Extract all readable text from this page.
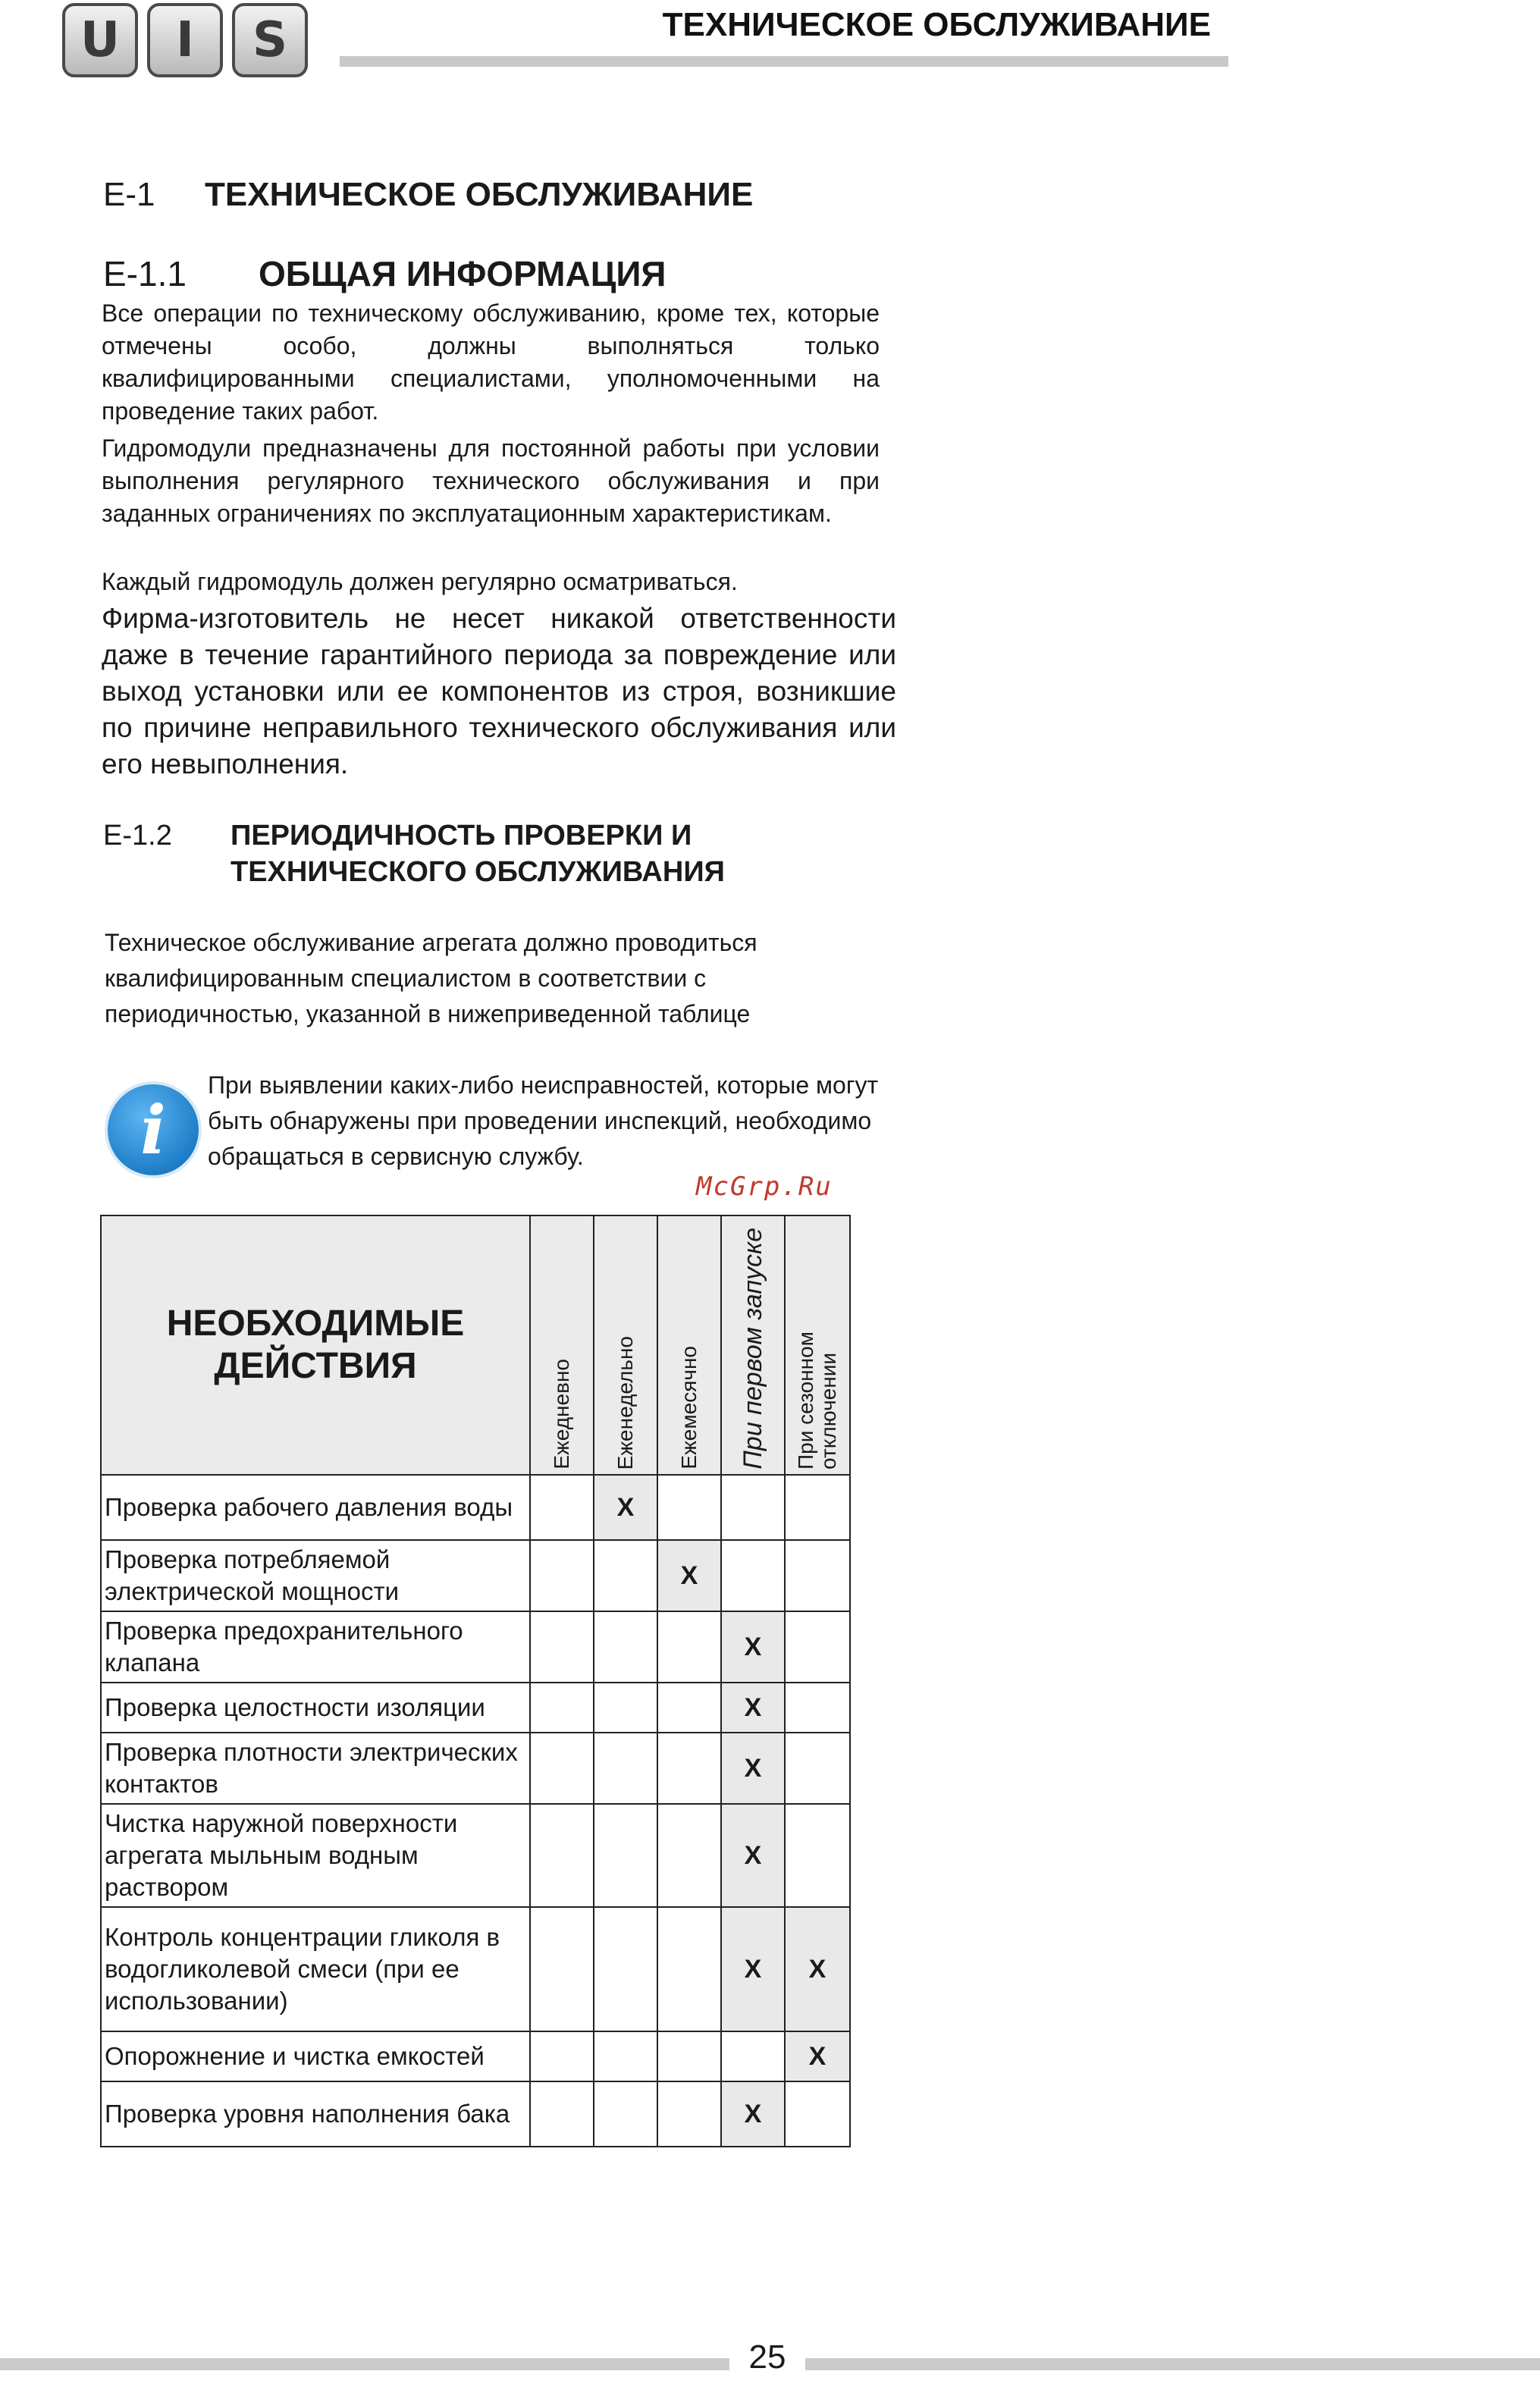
U	I	S	ТЕХНИЧЕСКОЕ ОБСЛУЖИВАНИЕ
E-1 ТЕХНИЧЕСКОЕ ОБСЛУЖИВАНИЕ
E-1.1 ОБЩАЯ ИНФОРМАЦИЯ
Все операции по техническому обслуживанию, кроме тех, которые отмечены особо, должны выполняться только квалифицированными специалистами, уполномоченными на проведение таких работ.
Гидромодули предназначены для постоянной работы при условии выполнения регулярного технического обслуживания и при заданных ограничениях по эксплуатационным характеристикам.
Каждый гидромодуль должен регулярно осматриваться.
Фирма-изготовитель не несет никакой ответственности даже в течение гарантийного периода за повреждение или выход установки или ее компонентов из строя, возникшие по причине неправильного технического обслуживания или его невыполнения.
E-1.2 ПЕРИОДИЧНОСТЬ ПРОВЕРКИ И
ТЕХНИЧЕСКОГО ОБСЛУЖИВАНИЯ
Техническое обслуживание агрегата должно проводиться квалифицированным специалистом в соответствии с периодичностью, указанной в нижеприведенной таблице
i
При выявлении каких-либо неисправностей, которые могут быть обнаружены при проведении инспекций, необходимо обращаться в сервисную службу.
McGrp.Ru
НЕОБХОДИМЫЕ
ДЕЙСТВИЯ	Ежедневно	Еженедельно	Ежемесячно	При первом запуске	При сезонном отключении

Проверка рабочего давления воды		X			
Проверка потребляемой электрической мощности			X		
Проверка предохранительного клапана				X	
Проверка целостности изоляции				X	
Проверка плотности электрических контактов				X	
Чистка наружной поверхности агрегата мыльным водным раствором				X	
Контроль концентрации гликоля в водогликолевой смеси (при ее использовании)				X	X
Опорожнение и чистка емкостей					X
Проверка уровня наполнения бака				X	
25
